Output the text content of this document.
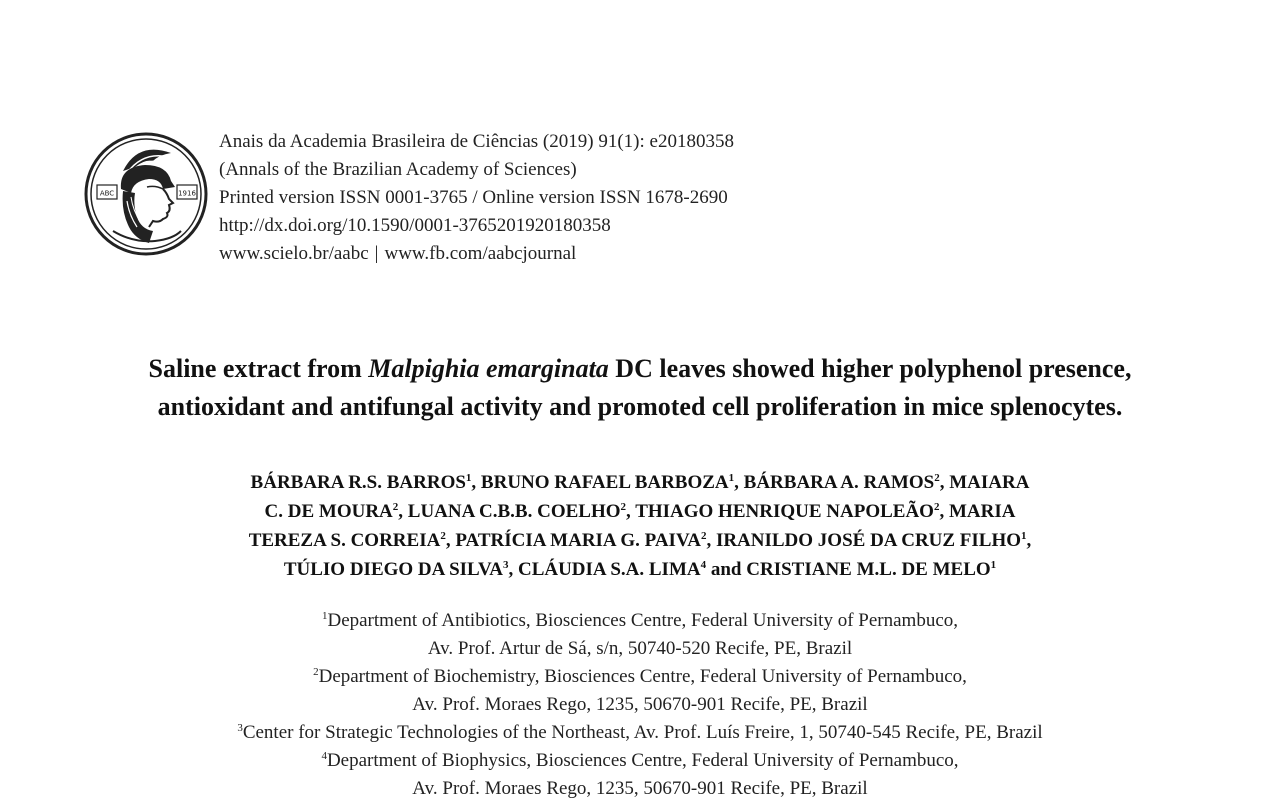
ABC	1916
Anais da Academia Brasileira de Ciências (2019) 91(1): e20180358
(Annals of the Brazilian Academy of Sciences)
Printed version ISSN 0001-3765 / Online version ISSN 1678-2690
http://dx.doi.org/10.1590/0001-3765201920180358
www.scielo.br/aabc | www.fb.com/aabcjournal
Saline extract from Malpighia emarginata DC leaves showed higher polyphenol presence,
antioxidant and antifungal activity and promoted cell proliferation in mice splenocytes.
BÁRBARA R.S. BARROS$^1$, BRUNO RAFAEL BARBOZA$^1$, BÁRBARA A. RAMOS$^2$, MAIARA
C. DE MOURA$^2$, LUANA C.B.B. COELHO$^2$, THIAGO HENRIQUE NAPOLEÃO$^2$, MARIA
TEREZA S. CORREIA$^2$, PATRÍCIA MARIA G. PAIVA$^2$, IRANILDO JOSÉ DA CRUZ FILHO$^1$,
TÚLIO DIEGO DA SILVA$^3$, CLÁUDIA S.A. LIMA$^4$ and CRISTIANE M.L. DE MELO$^1$
$^1$Department of Antibiotics, Biosciences Centre, Federal University of Pernambuco,
Av. Prof. Artur de Sá, s/n, 50740-520 Recife, PE, Brazil
$^2$Department of Biochemistry, Biosciences Centre, Federal University of Pernambuco,
Av. Prof. Moraes Rego, 1235, 50670-901 Recife, PE, Brazil
$^3$Center for Strategic Technologies of the Northeast, Av. Prof. Luís Freire, 1, 50740-545 Recife, PE, Brazil
$^4$Department of Biophysics, Biosciences Centre, Federal University of Pernambuco,
Av. Prof. Moraes Rego, 1235, 50670-901 Recife, PE, Brazil
